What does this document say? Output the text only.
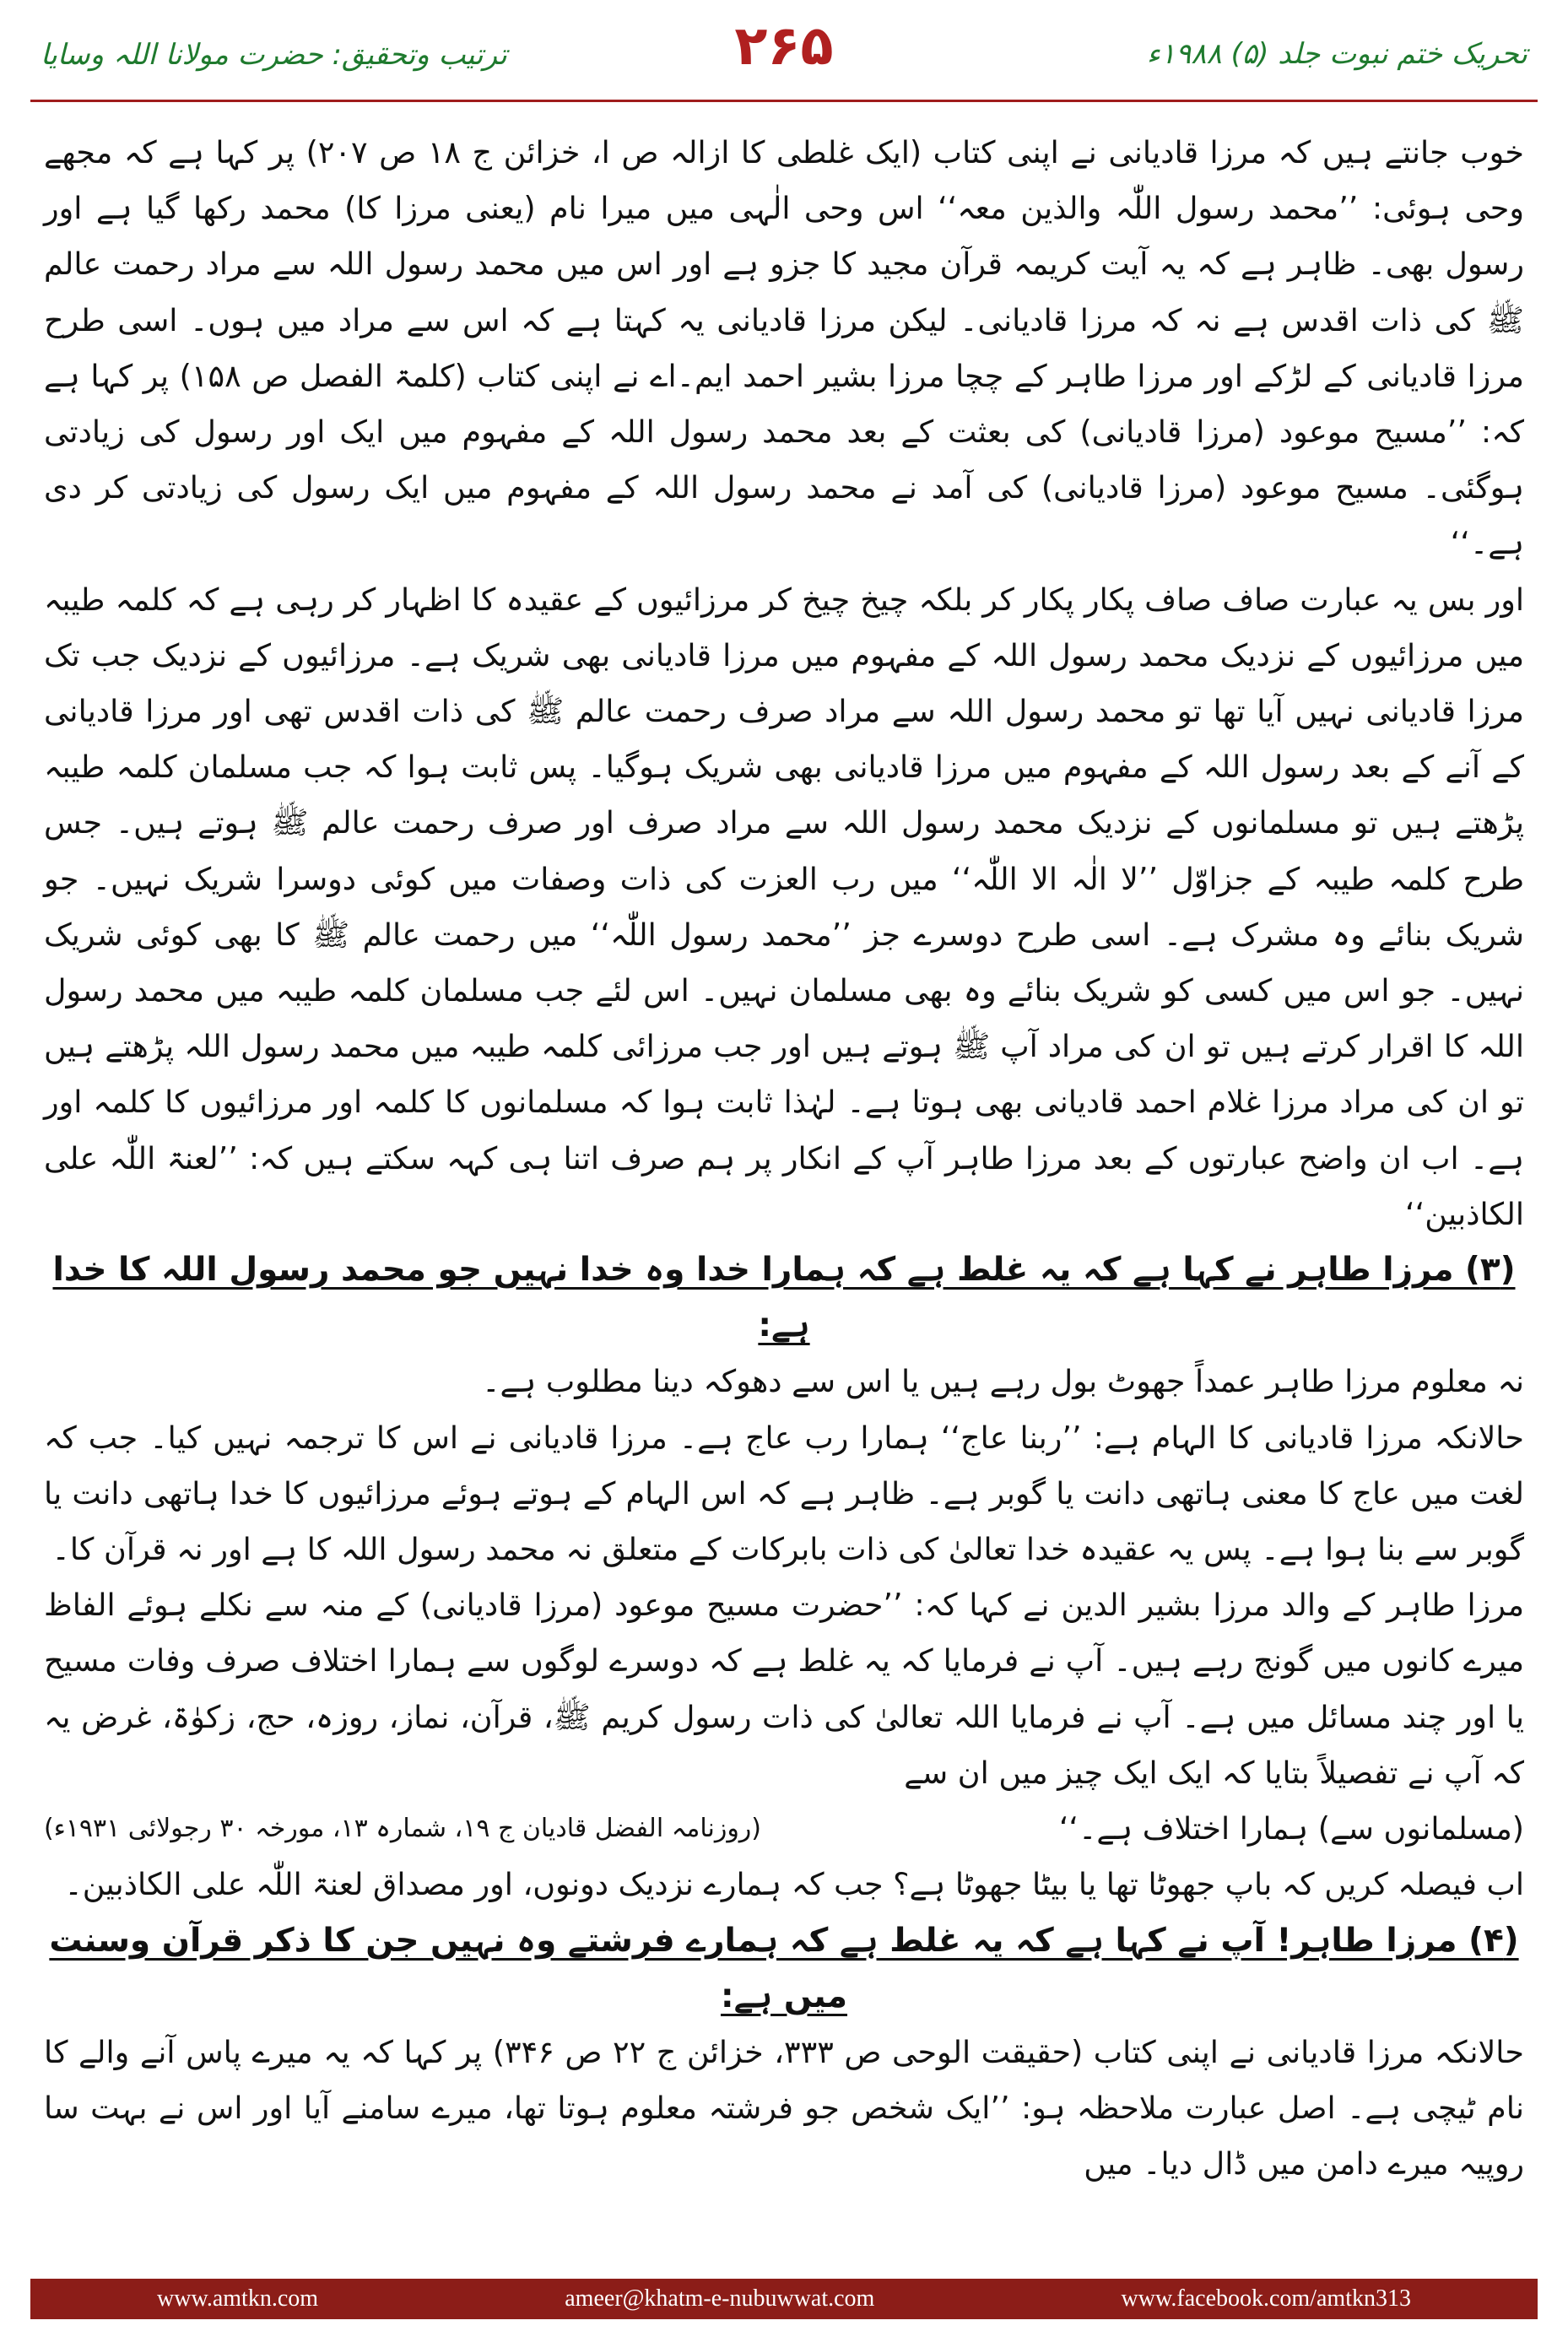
ترتیب وتحقیق: حضرت مولانا اللہ وسایا	۲۶۵	تحریک ختم نبوت جلد (۵) ۱۹۸۸ء

خوب جانتے ہیں کہ مرزا قادیانی نے اپنی کتاب (ایک غلطی کا ازالہ ص ا، خزائن ج ۱۸ ص ۲۰۷) پر کہا ہے کہ مجھے وحی ہوئی: ’’محمد رسول اللّٰہ والذین معہ‘‘ اس وحی الٰہی میں میرا نام (یعنی مرزا کا) محمد رکھا گیا ہے اور رسول بھی۔ ظاہر ہے کہ یہ آیت کریمہ قرآن مجید کا جزو ہے اور اس میں محمد رسول اللہ سے مراد رحمت عالم ﷺ کی ذات اقدس ہے نہ کہ مرزا قادیانی۔ لیکن مرزا قادیانی یہ کہتا ہے کہ اس سے مراد میں ہوں۔ اسی طرح مرزا قادیانی کے لڑکے اور مرزا طاہر کے چچا مرزا بشیر احمد ایم۔اے نے اپنی کتاب (کلمۃ الفصل ص ۱۵۸) پر کہا ہے کہ: ’’مسیح موعود (مرزا قادیانی) کی بعثت کے بعد محمد رسول اللہ کے مفہوم میں ایک اور رسول کی زیادتی ہوگئی۔ مسیح موعود (مرزا قادیانی) کی آمد نے محمد رسول اللہ کے مفہوم میں ایک رسول کی زیادتی کر دی ہے۔‘‘

اور بس یہ عبارت صاف صاف پکار پکار کر بلکہ چیخ چیخ کر مرزائیوں کے عقیدہ کا اظہار کر رہی ہے کہ کلمہ طیبہ میں مرزائیوں کے نزدیک محمد رسول اللہ کے مفہوم میں مرزا قادیانی بھی شریک ہے۔ مرزائیوں کے نزدیک جب تک مرزا قادیانی نہیں آیا تھا تو محمد رسول اللہ سے مراد صرف رحمت عالم ﷺ کی ذات اقدس تھی اور مرزا قادیانی کے آنے کے بعد رسول اللہ کے مفہوم میں مرزا قادیانی بھی شریک ہوگیا۔ پس ثابت ہوا کہ جب مسلمان کلمہ طیبہ پڑھتے ہیں تو مسلمانوں کے نزدیک محمد رسول اللہ سے مراد صرف اور صرف رحمت عالم ﷺ ہوتے ہیں۔ جس طرح کلمہ طیبہ کے جزاوّل ’’لا الٰہ الا اللّٰہ‘‘ میں رب العزت کی ذات وصفات میں کوئی دوسرا شریک نہیں۔ جو شریک بنائے وہ مشرک ہے۔ اسی طرح دوسرے جز ’’محمد رسول اللّٰہ‘‘ میں رحمت عالم ﷺ کا بھی کوئی شریک نہیں۔ جو اس میں کسی کو شریک بنائے وہ بھی مسلمان نہیں۔ اس لئے جب مسلمان کلمہ طیبہ میں محمد رسول اللہ کا اقرار کرتے ہیں تو ان کی مراد آپ ﷺ ہوتے ہیں اور جب مرزائی کلمہ طیبہ میں محمد رسول اللہ پڑھتے ہیں تو ان کی مراد مرزا غلام احمد قادیانی بھی ہوتا ہے۔ لہٰذا ثابت ہوا کہ مسلمانوں کا کلمہ اور مرزائیوں کا کلمہ اور ہے۔ اب ان واضح عبارتوں کے بعد مرزا طاہر آپ کے انکار پر ہم صرف اتنا ہی کہہ سکتے ہیں کہ: ’’لعنۃ اللّٰہ علی الکاذبین‘‘

(۳) مرزا طاہر نے کہا ہے کہ یہ غلط ہے کہ ہمارا خدا وہ خدا نہیں جو محمد رسول اللہ کا خدا ہے:

نہ معلوم مرزا طاہر عمداً جھوٹ بول رہے ہیں یا اس سے دھوکہ دینا مطلوب ہے۔

حالانکہ مرزا قادیانی کا الہام ہے: ’’ربنا عاج‘‘ ہمارا رب عاج ہے۔ مرزا قادیانی نے اس کا ترجمہ نہیں کیا۔ جب کہ لغت میں عاج کا معنی ہاتھی دانت یا گوبر ہے۔ ظاہر ہے کہ اس الہام کے ہوتے ہوئے مرزائیوں کا خدا ہاتھی دانت یا گوبر سے بنا ہوا ہے۔ پس یہ عقیدہ خدا تعالیٰ کی ذات بابرکات کے متعلق نہ محمد رسول اللہ کا ہے اور نہ قرآن کا۔

مرزا طاہر کے والد مرزا بشیر الدین نے کہا کہ: ’’حضرت مسیح موعود (مرزا قادیانی) کے منہ سے نکلے ہوئے الفاظ میرے کانوں میں گونج رہے ہیں۔ آپ نے فرمایا کہ یہ غلط ہے کہ دوسرے لوگوں سے ہمارا اختلاف صرف وفات مسیح یا اور چند مسائل میں ہے۔ آپ نے فرمایا اللہ تعالیٰ کی ذات رسول کریم ﷺ، قرآن، نماز، روزہ، حج، زکوٰۃ، غرض یہ کہ آپ نے تفصیلاً بتایا کہ ایک ایک چیز میں ان سے

(مسلمانوں سے) ہمارا اختلاف ہے۔‘‘
(روزنامہ الفضل قادیان ج ۱۹، شمارہ ۱۳، مورخہ ۳۰ رجولائی ۱۹۳۱ء)

اب فیصلہ کریں کہ باپ جھوٹا تھا یا بیٹا جھوٹا ہے؟ جب کہ ہمارے نزدیک دونوں، اور مصداق لعنۃ اللّٰہ علی الکاذبین۔

(۴) مرزا طاہر! آپ نے کہا ہے کہ یہ غلط ہے کہ ہمارے فرشتے وہ نہیں جن کا ذکر قرآن وسنت میں ہے:

حالانکہ مرزا قادیانی نے اپنی کتاب (حقیقت الوحی ص ۳۳۳، خزائن ج ۲۲ ص ۳۴۶) پر کہا کہ یہ میرے پاس آنے والے کا نام ٹیچی ہے۔ اصل عبارت ملاحظہ ہو: ’’ایک شخص جو فرشتہ معلوم ہوتا تھا، میرے سامنے آیا اور اس نے بہت سا روپیہ میرے دامن میں ڈال دیا۔ میں

www.amtkn.com	ameer@khatm-e-nubuwwat.com	www.facebook.com/amtkn313
